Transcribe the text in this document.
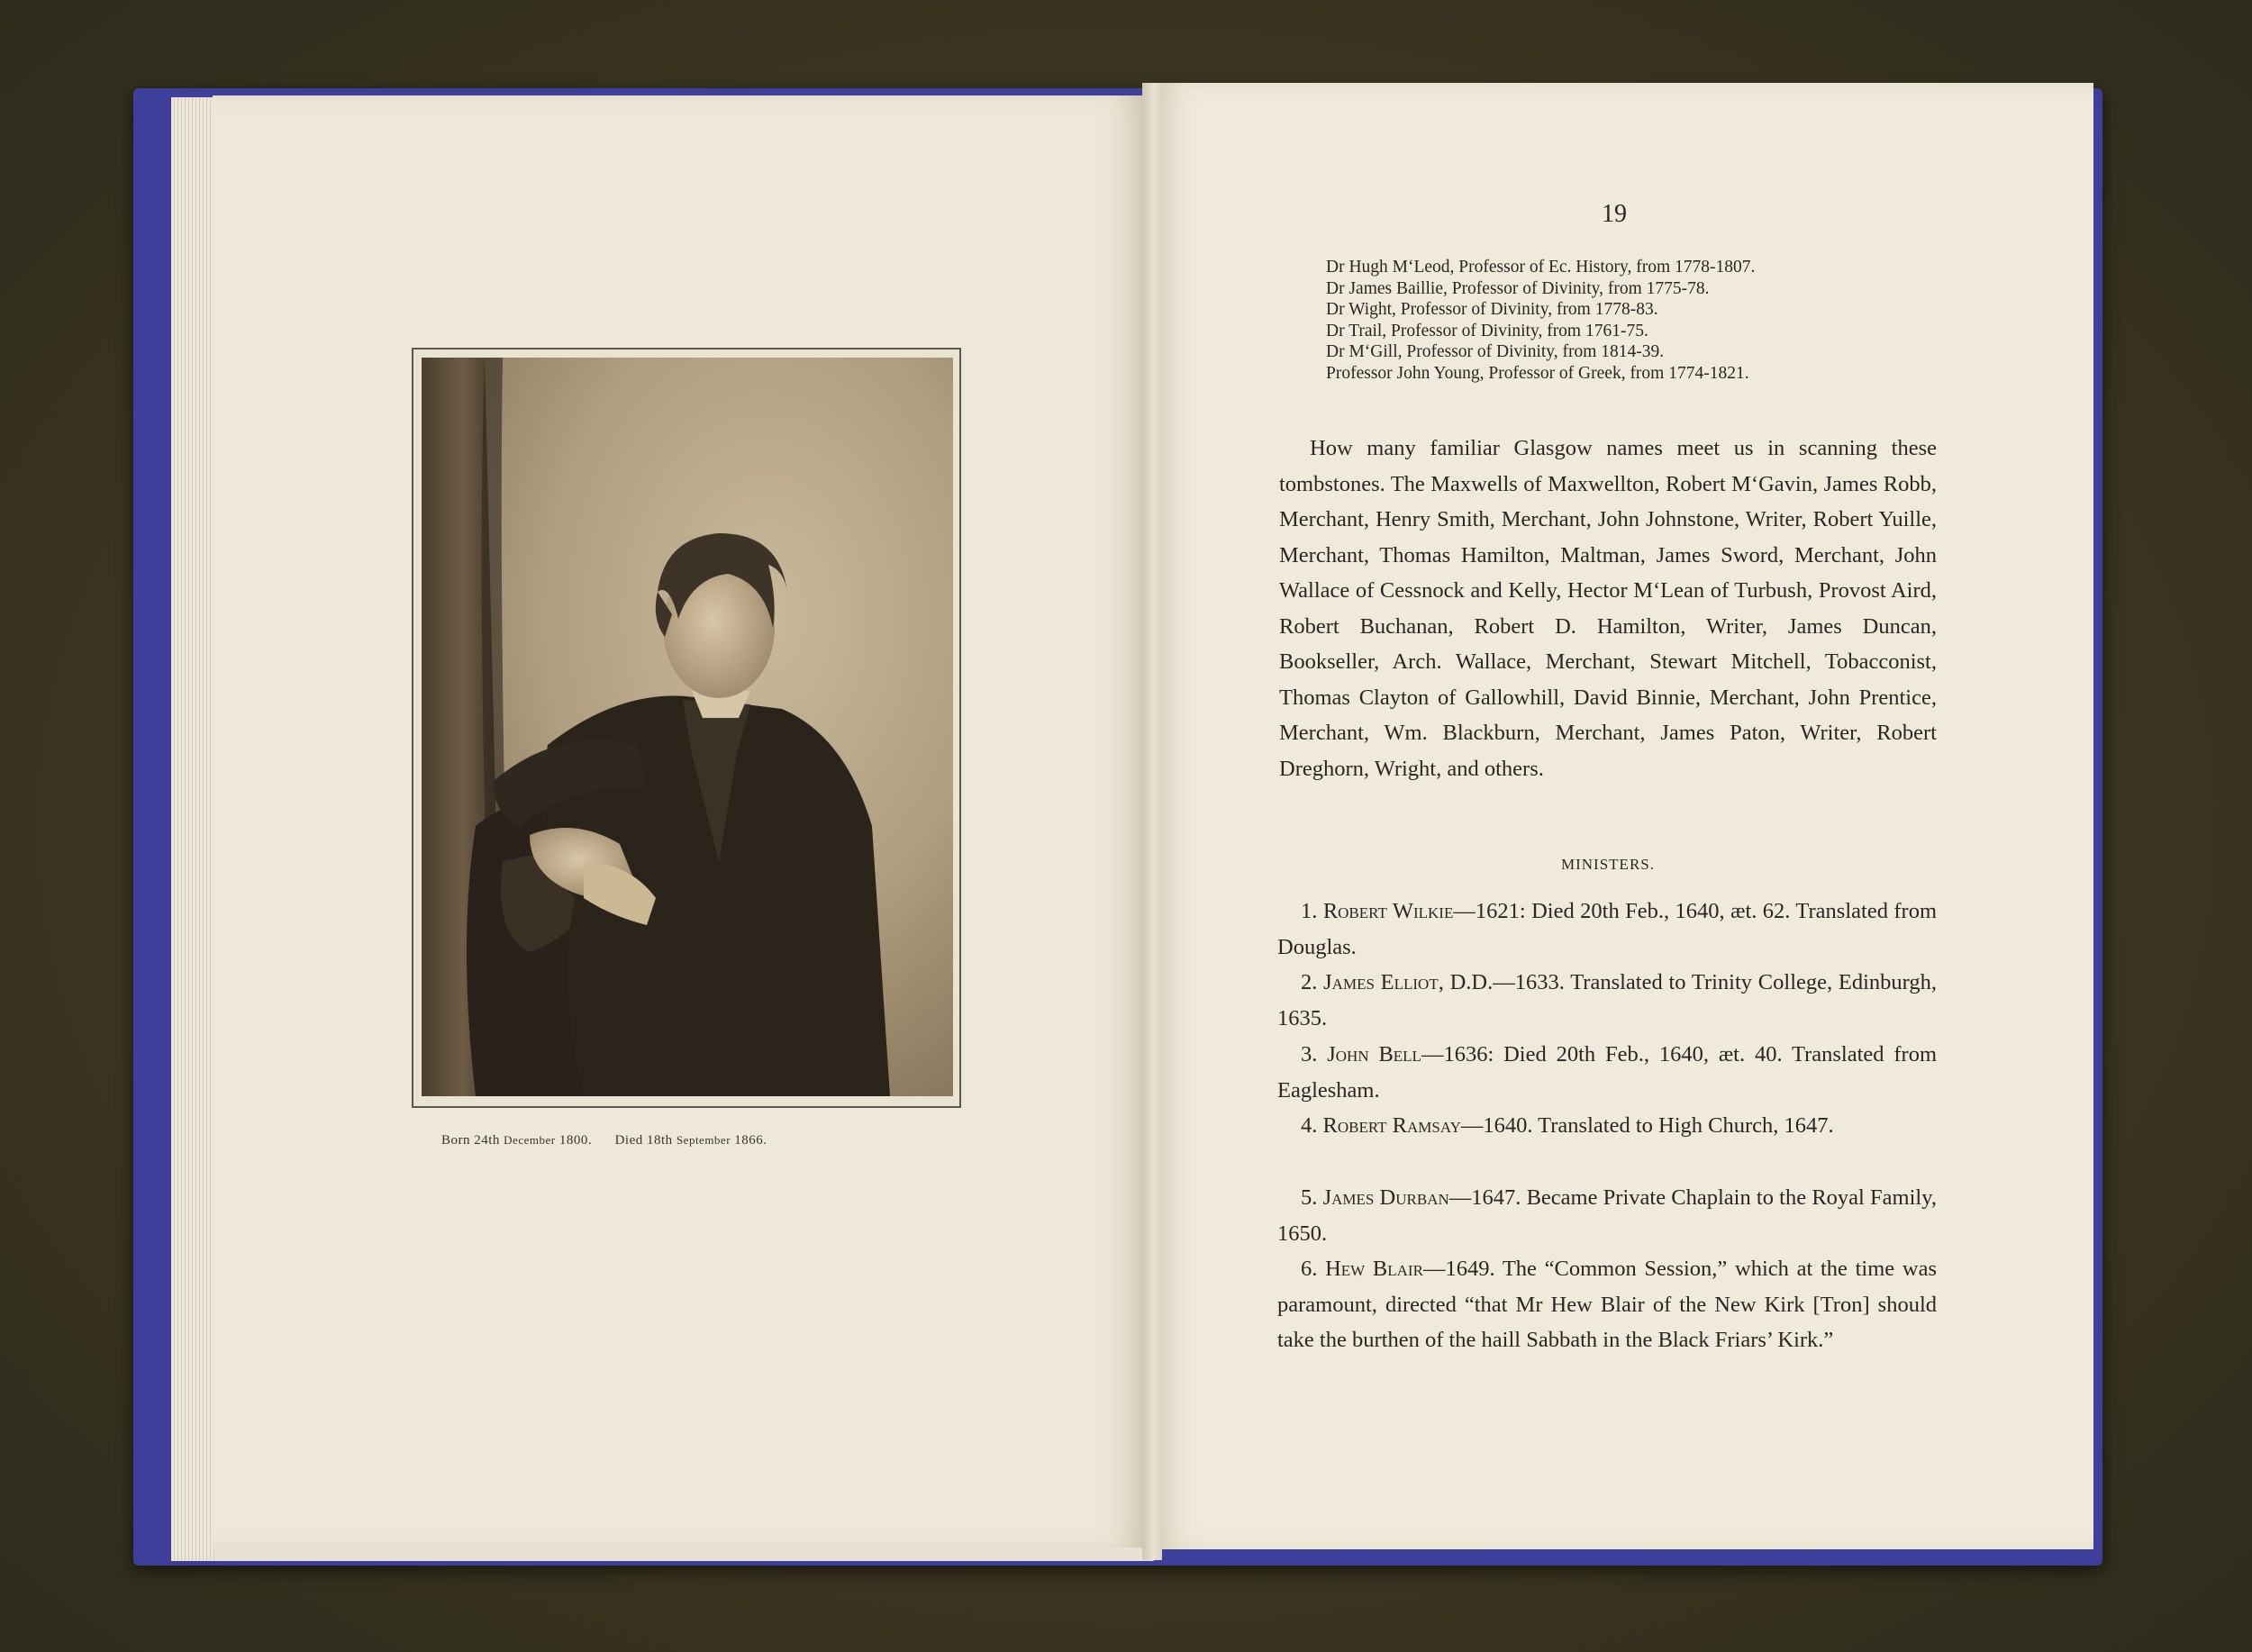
Born 24th December 1800. Died 18th September 1866.
19
Dr Hugh M‘Leod, Professor of Ec. History, from 1778-1807.
Dr James Baillie, Professor of Divinity, from 1775-78.
Dr Wight, Professor of Divinity, from 1778-83.
Dr Trail, Professor of Divinity, from 1761-75.
Dr M‘Gill, Professor of Divinity, from 1814-39.
Professor John Young, Professor of Greek, from 1774-1821.
How many familiar Glasgow names meet us in scanning these tombstones. The Maxwells of Maxwellton, Robert M‘Gavin, James Robb, Merchant, Henry Smith, Merchant, John Johnstone, Writer, Robert Yuille, Merchant, Thomas Hamilton, Maltman, James Sword, Merchant, John Wallace of Cessnock and Kelly, Hector M‘Lean of Turbush, Provost Aird, Robert Buchanan, Robert D. Hamilton, Writer, James Duncan, Bookseller, Arch. Wallace, Merchant, Stewart Mitchell, Tobacconist, Thomas Clayton of Gallowhill, David Binnie, Merchant, John Prentice, Merchant, Wm. Blackburn, Merchant, James Paton, Writer, Robert Dreghorn, Wright, and others.
MINISTERS.
1. Robert Wilkie—1621: Died 20th Feb., 1640, æt. 62. Translated from Douglas.
2. James Elliot, D.D.—1633. Translated to Trinity College, Edinburgh, 1635.
3. John Bell—1636: Died 20th Feb., 1640, æt. 40. Translated from Eaglesham.
4. Robert Ramsay—1640. Translated to High Church, 1647.
5. James Durban—1647. Became Private Chaplain to the Royal Family, 1650.
6. Hew Blair—1649. The “Common Session,” which at the time was paramount, directed “that Mr Hew Blair of the New Kirk [Tron] should take the burthen of the haill Sabbath in the Black Friars’ Kirk.”
